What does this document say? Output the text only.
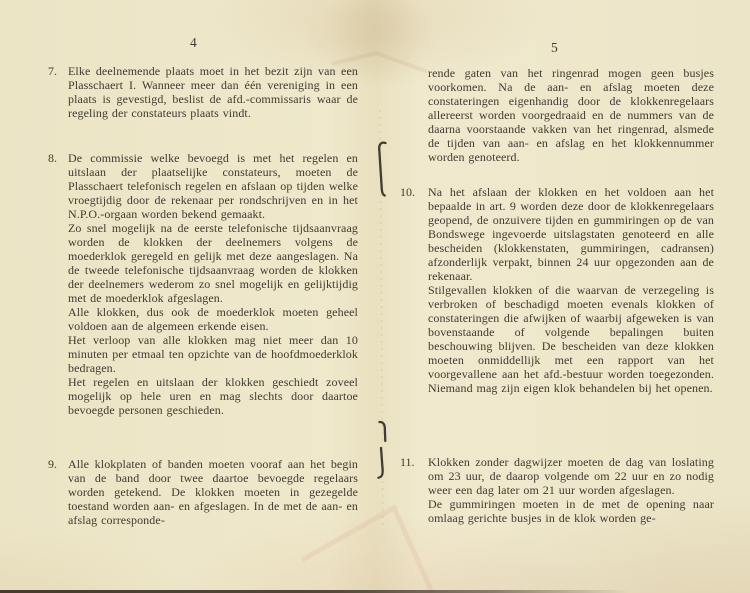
4	5
7. Elke deelnemende plaats moet in het bezit zijn van een Plasschaert I. Wanneer meer dan één vereniging in een plaats is gevestigd, beslist de afd.-commissaris waar de regeling der constateurs plaats vindt.

8. De commissie welke bevoegd is met het regelen en uitslaan der plaatselijke constateurs, moeten de Plasschaert telefonisch regelen en afslaan op tijden welke vroegtijdig door de rekenaar per rondschrijven en in het N.P.O.-orgaan worden bekend gemaakt.

Zo snel mogelijk na de eerste telefonische tijdsaanvraag worden de klokken der deelnemers volgens de moederklok geregeld en gelijk met deze aangeslagen. Na de tweede telefonische tijdsaanvraag worden de klokken der deelnemers wederom zo snel mogelijk en gelijktijdig met de moederklok afgeslagen.

Alle klokken, dus ook de moederklok moeten geheel voldoen aan de algemeen erkende eisen.

Het verloop van alle klokken mag niet meer dan 10 minuten per etmaal ten opzichte van de hoofdmoederklok bedragen.

Het regelen en uitslaan der klokken geschiedt zoveel mogelijk op hele uren en mag slechts door daartoe bevoegde personen geschieden.

9. Alle klokplaten of banden moeten vooraf aan het begin van de band door twee daartoe bevoegde regelaars worden getekend. De klokken moeten in gezegelde toestand worden aan- en afgeslagen. In de met de aan- en afslag corresponde-

rende gaten van het ringenrad mogen geen busjes voorkomen. Na de aan- en afslag moeten deze constateringen eigenhandig door de klokkenregelaars allereerst worden voorgedraaid en de nummers van de daarna voorstaande vakken van het ringenrad, alsmede de tijden van aan- en afslag en het klokkennummer worden genoteerd.

10.	Na het afslaan der klokken en het voldoen aan het bepaalde in art. 9 worden deze door de klokkenregelaars geopend, de onzuivere tijden en gummiringen op de van Bondswege ingevoerde uitslagstaten genoteerd en alle bescheiden (klokkenstaten, gummiringen, cadransen) afzonderlijk verpakt, binnen 24 uur opgezonden aan de rekenaar.

Stilgevallen klokken of die waarvan de verzegeling is verbroken of beschadigd moeten evenals klokken of constateringen die afwijken of waarbij afgeweken is van bovenstaande of volgende bepalingen buiten beschouwing blijven. De bescheiden van deze klokken moeten onmiddellijk met een rapport van het voorgevallene aan het afd.-bestuur worden toegezonden. Niemand mag zijn eigen klok behandelen bij het openen.

11.	Klokken zonder dagwijzer moeten de dag van loslating om 23 uur, de daarop volgende om 22 uur en zo nodig weer een dag later om 21 uur worden afgeslagen.

De gummiringen moeten in de met de opening naar omlaag gerichte busjes in de klok worden ge-
